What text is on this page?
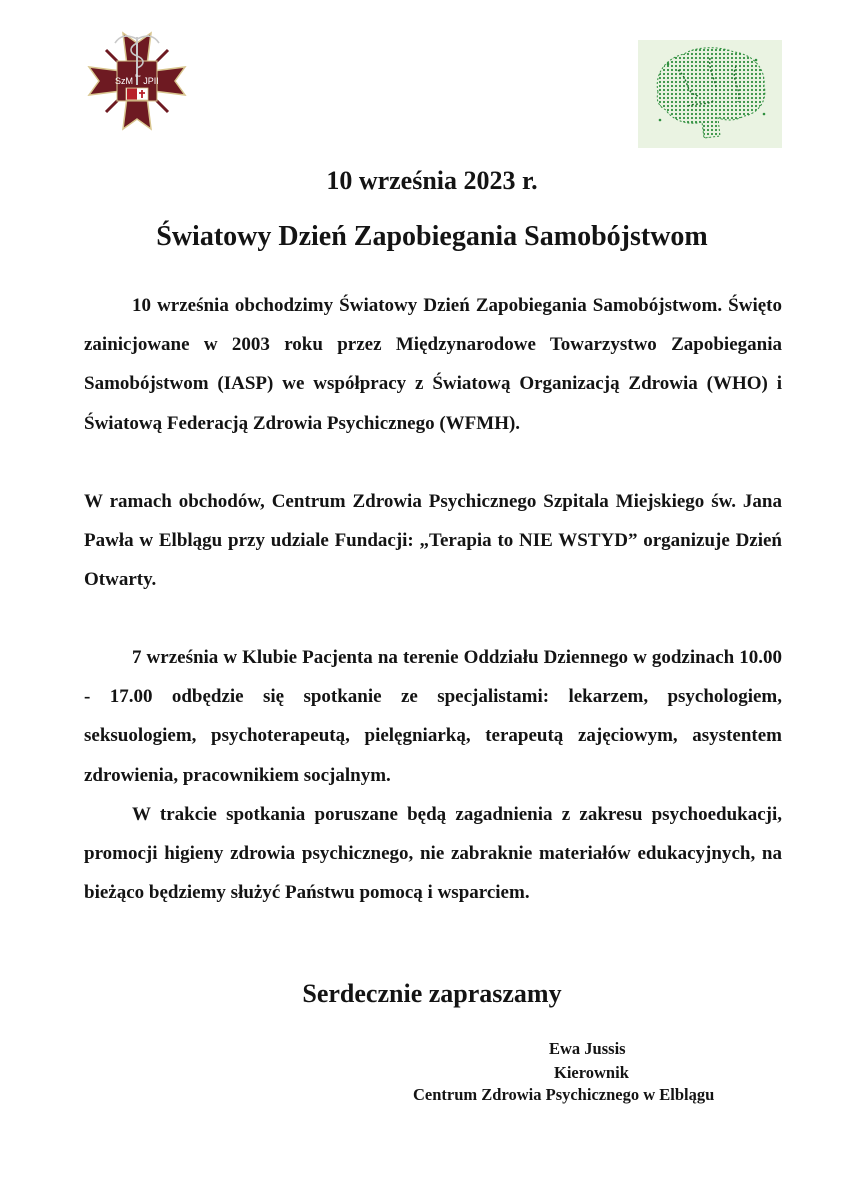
SzM JPII
Św.
10 września 2023 r.
Światowy Dzień Zapobiegania Samobójstwom

10 września obchodzimy Światowy Dzień Zapobiegania Samobójstwom. Święto zainicjowane w 2003 roku przez Międzynarodowe Towarzystwo Zapobiegania Samobójstwom (IASP) we współpracy z Światową Organizacją Zdrowia (WHO) i Światową Federacją Zdrowia Psychicznego (WFMH).

W ramach obchodów, Centrum Zdrowia Psychicznego Szpitala Miejskiego św. Jana Pawła w Elblągu przy udziale Fundacji: „Terapia to NIE WSTYD” organizuje Dzień Otwarty.

7 września w Klubie Pacjenta na terenie Oddziału Dziennego w godzinach 10.00 - 17.00 odbędzie się spotkanie ze specjalistami: lekarzem, psychologiem, seksuologiem, psychoterapeutą, pielęgniarką, terapeutą zajęciowym, asystentem zdrowienia, pracownikiem socjalnym.

W trakcie spotkania poruszane będą zagadnienia z zakresu psychoedukacji, promocji higieny zdrowia psychicznego, nie zabraknie materiałów edukacyjnych, na bieżąco będziemy służyć Państwu pomocą i wsparciem.

Serdecznie zapraszamy
Ewa Jussis
Kierownik
Centrum Zdrowia Psychicznego w Elblągu
